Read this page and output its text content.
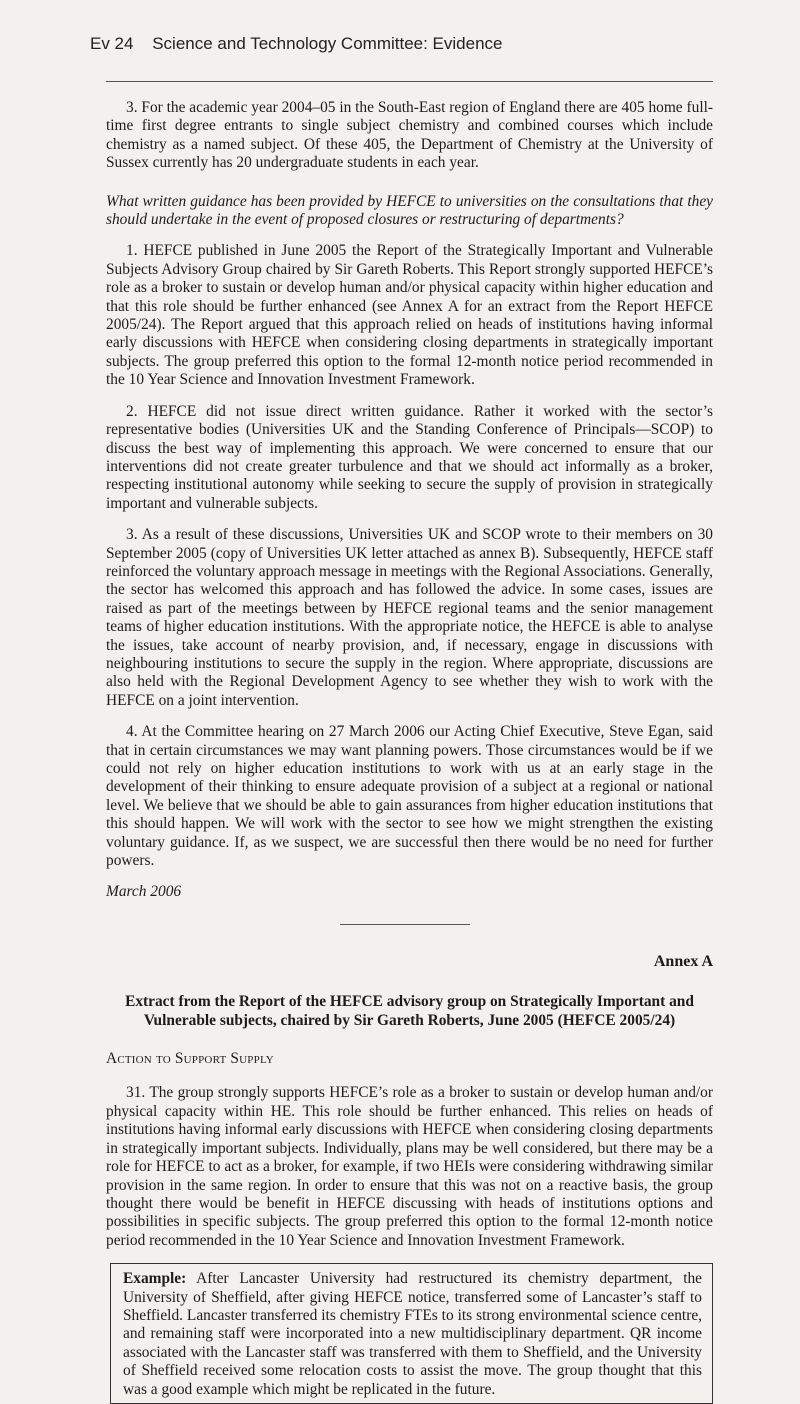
Ev 24 Science and Technology Committee: Evidence

3. For the academic year 2004–05 in the South-East region of England there are 405 home full-time first degree entrants to single subject chemistry and combined courses which include chemistry as a named subject. Of these 405, the Department of Chemistry at the University of Sussex currently has 20 undergraduate students in each year.

What written guidance has been provided by HEFCE to universities on the consultations that they should undertake in the event of proposed closures or restructuring of departments?

1. HEFCE published in June 2005 the Report of the Strategically Important and Vulnerable Subjects Advisory Group chaired by Sir Gareth Roberts. This Report strongly supported HEFCE’s role as a broker to sustain or develop human and/or physical capacity within higher education and that this role should be further enhanced (see Annex A for an extract from the Report HEFCE 2005/24). The Report argued that this approach relied on heads of institutions having informal early discussions with HEFCE when considering closing departments in strategically important subjects. The group preferred this option to the formal 12-month notice period recommended in the 10 Year Science and Innovation Investment Framework.

2. HEFCE did not issue direct written guidance. Rather it worked with the sector’s representative bodies (Universities UK and the Standing Conference of Principals—SCOP) to discuss the best way of implementing this approach. We were concerned to ensure that our interventions did not create greater turbulence and that we should act informally as a broker, respecting institutional autonomy while seeking to secure the supply of provision in strategically important and vulnerable subjects.

3. As a result of these discussions, Universities UK and SCOP wrote to their members on 30 September 2005 (copy of Universities UK letter attached as annex B). Subsequently, HEFCE staff reinforced the voluntary approach message in meetings with the Regional Associations. Generally, the sector has welcomed this approach and has followed the advice. In some cases, issues are raised as part of the meetings between by HEFCE regional teams and the senior management teams of higher education institutions. With the appropriate notice, the HEFCE is able to analyse the issues, take account of nearby provision, and, if necessary, engage in discussions with neighbouring institutions to secure the supply in the region. Where appropriate, discussions are also held with the Regional Development Agency to see whether they wish to work with the HEFCE on a joint intervention.

4. At the Committee hearing on 27 March 2006 our Acting Chief Executive, Steve Egan, said that in certain circumstances we may want planning powers. Those circumstances would be if we could not rely on higher education institutions to work with us at an early stage in the development of their thinking to ensure adequate provision of a subject at a regional or national level. We believe that we should be able to gain assurances from higher education institutions that this should happen. We will work with the sector to see how we might strengthen the existing voluntary guidance. If, as we suspect, we are successful then there would be no need for further powers.

March 2006

Annex A

Extract from the Report of the HEFCE advisory group on Strategically Important and Vulnerable subjects, chaired by Sir Gareth Roberts, June 2005 (HEFCE 2005/24)

Action to Support Supply

31. The group strongly supports HEFCE’s role as a broker to sustain or develop human and/or physical capacity within HE. This role should be further enhanced. This relies on heads of institutions having informal early discussions with HEFCE when considering closing departments in strategically important subjects. Individually, plans may be well considered, but there may be a role for HEFCE to act as a broker, for example, if two HEIs were considering withdrawing similar provision in the same region. In order to ensure that this was not on a reactive basis, the group thought there would be benefit in HEFCE discussing with heads of institutions options and possibilities in specific subjects. The group preferred this option to the formal 12-month notice period recommended in the 10 Year Science and Innovation Investment Framework.

Example: After Lancaster University had restructured its chemistry department, the University of Sheffield, after giving HEFCE notice, transferred some of Lancaster’s staff to Sheffield. Lancaster transferred its chemistry FTEs to its strong environmental science centre, and remaining staff were incorporated into a new multidisciplinary department. QR income associated with the Lancaster staff was transferred with them to Sheffield, and the University of Sheffield received some relocation costs to assist the move. The group thought that this was a good example which might be replicated in the future.
